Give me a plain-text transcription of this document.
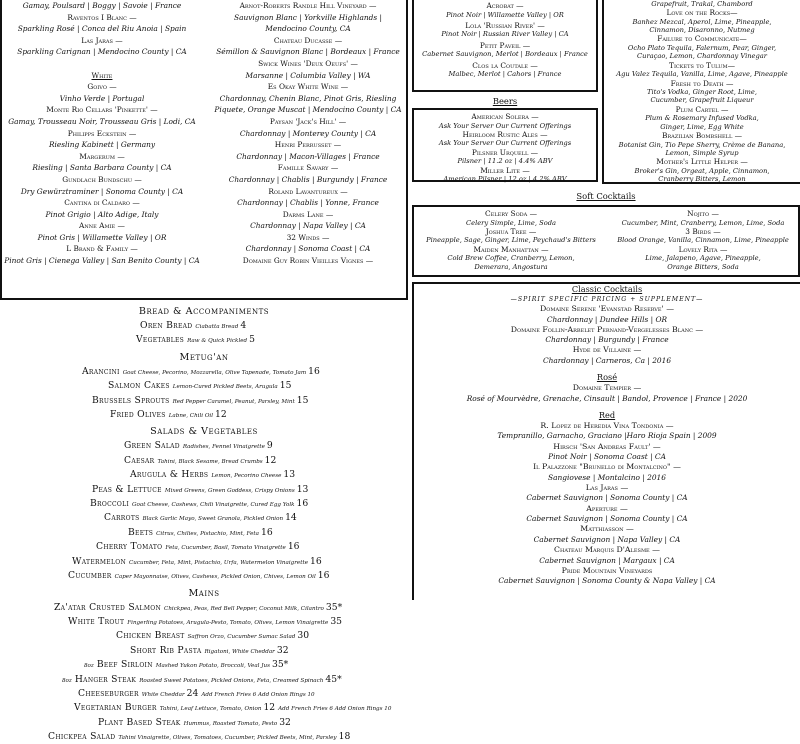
Gamay, Poulsard | Boggy | Savoie | France
Raventos I Blanc —
Sparkling Rosé | Conca del Riu Anoia | Spain
Las Jaras —
Sparkling Carignan | Mendocino County | CA
White
Goivo —
Vinho Verde | Portugal
Monte Rio Cellars 'Pinkette' —
Gamay, Trousseau Noir, Trousseau Gris | Lodi, CA
Philipps Eckstein —
Riesling Kabinett | Germany
Margerum —
Riesling | Santa Barbara County | CA
Gundlach Bundschu —
Dry Gewürztraminer | Sonoma County | CA
Cantina di Caldaro —
Pinot Grigio | Alto Adige, Italy
Anne Amie —
Pinot Gris | Willamette Valley | OR
L Brand & Family —
Pinot Gris | Cienega Valley | San Benito County | CA
Arnot-Roberts Randle Hill Vineyard —
Sauvignon Blanc | Yorkville Highlands |
Mendocino County, CA
Chateau Ducasse —
Sémillon & Sauvignon Blanc | Bordeaux | France
Swick Wines 'Deux Oeufs' —
Marsanne | Columbia Valley | WA
Es Okay White Wine —
Chardonnay, Chenin Blanc, Pinot Gris, Riesling
Piquete, Orange Muscat | Mendocino County | CA
Paysan 'Jack's Hill' —
Chardonnay | Monterey County | CA
Henri Perrusset —
Chardonnay | Macon-Villages | France
Famille Savary —
Chardonnay | Chablis | Burgundy | France
Roland Lavantureux —
Chardonnay | Chablis | Yonne, France
Darms Lane —
Chardonnay | Napa Valley | CA
32 Winds —
Chardonnay | Sonoma Coast | CA
Domaine Guy Robin Vieilles Vignes —
Acrobat —
Pinot Noir | Willamette Valley | OR
Lola 'Russian River' —
Pinot Noir | Russian River Valley | CA
Petit Paveil —
Cabernet Sauvignon, Merlot | Bordeaux | France
Clos la Coutale —
Malbec, Merlot | Cahors | France
Beers
American Solera —
Ask Your Server Our Current Offerings
Heirloom Rustic Ales —
Ask Your Server Our Current Offerings
Pilsner Urquell —
Pilsner | 11.2 oz | 4.4% ABV
Miller Lite —
American Pilsner | 12 oz | 4.2% ABV
Grapefruit, Trakal, Chambord
Love on the Rocks—
Banhez Mezcal, Aperol, Lime, Pineapple,
Cinnamon, Disaronno, Nutmeg
Failure to Communicate—
Ocho Plato Tequila, Falernum, Pear, Ginger,
Curaçao, Lemon, Chardonnay Vinegar
Tickets to Tulum—
Agu Valez Tequila, Vanilla, Lime, Agave, Pineapple
Fresh to Death —
Tito's Vodka, Ginger Root, Lime,
Cucumber, Grapefruit Liqueur
Plum Cartel —
Plum & Rosemary Infused Vodka,
Ginger, Lime, Egg White
Brazilian Bombshell —
Botanist Gin, Tio Pepe Sherry, Crème de Banana,
Lemon, Simple Syrup
Mother's Little Helper —
Broker's Gin, Orgeat, Apple, Cinnamon,
Cranberry Bitters, Lemon
Soft Cocktails
Celery Soda —
Celery Simple, Lime, Soda
Joshua Tree —
Pineapple, Sage, Ginger, Lime, Peychaud's Bitters
Maiden Manhattan —
Cold Brew Coffee, Cranberry, Lemon,
Demerara, Angostura
Nojito —
Cucumber, Mint, Cranberry, Lemon, Lime, Soda
3 Birds —
Blood Orange, Vanilla, Cinnamon, Lime, Pineapple
Lovely Rita —
Lime, Jalapeno, Agave, Pineapple,
Orange Bitters, Soda
Bread & Accompaniments
Oren Bread Ciabatta Bread 4
Vegetables Raw & Quick Pickled 5
Metug'an
Arancini Goat Cheese, Pecorino, Mozzarella, Olive Tapenade, Tomato Jam 16
Salmon Cakes Lemon-Cured Pickled Beets, Arugula 15
Brussels Sprouts Red Pepper Caramel, Peanut, Parsley, Mint 15
Fried Olives Labne, Chili Oil 12
Salads & Vegetables
Green Salad Radishes, Fennel Vinaigrette 9
Caesar Tahini, Black Sesame, Bread Crumbs 12
Arugula & Herbs Lemon, Pecorino Cheese 13
Peas & Lettuce Mixed Greens, Green Goddess, Crispy Onions 13
Broccoli Goat Cheese, Cashews, Chili Vinaigrette, Cured Egg Yolk 16
Carrots Black Garlic Mayo, Sweet Granola, Pickled Onion 14
Beets Citrus, Chilies, Pistachio, Mint, Feta 16
Cherry Tomato Feta, Cucumber, Basil, Tomato Vinaigrette 16
Watermelon Cucumber, Feta, Mint, Pistachio, Urfa, Watermelon Vinaigrette 16
Cucumber Caper Mayonnaise, Olives, Cashews, Pickled Onion, Chives, Lemon Oil 16
Mains
Za'atar Crusted Salmon Chickpea, Peas, Red Bell Pepper, Coconut Milk, Cilantro 35*
White Trout Fingerling Potatoes, Arugula-Pesto, Tomato, Olives, Lemon Vinaigrette 35
Chicken Breast Saffron Orzo, Cucumber Sumac Salad 30
Short Rib Pasta Rigatoni, White Cheddar 32
8oz Beef Sirloin Mashed Yukon Potato, Broccoli, Veal Jus 35*
8oz Hanger Steak Roasted Sweet Potatoes, Pickled Onions, Feta, Creamed Spinach 45*
Cheeseburger White Cheddar 24 Add French Fries 6 Add Onion Rings 10
Vegetarian Burger Tahini, Leaf Lettuce, Tomato, Onion 12 Add French Fries 6 Add Onion Rings 10
Plant Based Steak Hummus, Roasted Tomato, Pesto 32
Chickpea Salad Tahini Vinaigrette, Olives, Tomatoes, Cucumber, Pickled Beets, Mint, Parsley 18
Classic Cocktails
—SPIRIT SPECIFIC PRICING + SUPPLEMENT—
Domaine Serene 'Evanstad Reserve' —
Chardonnay | Dundee Hills | OR
Domaine Follin-Arbelet Pernand-Vergelesses Blanc —
Chardonnay | Burgundy | France
Hyde de Villaine —
Chardonnay | Carneros, Ca | 2016
Rosé
Domaine Tempier —
Rosé of Mourvèdre, Grenache, Cinsault | Bandol, Provence | France | 2020
Red
R. Lopez de Heredia Vina Tondonia —
Tempranillo, Garnacho, Graciano |Haro Rioja Spain | 2009
Hirsch 'San Andreas Fault' —
Pinot Noir | Sonoma Coast | CA
Il Palazzone "Brunello di Montalcino" —
Sangiovese | Montalcino | 2016
Las Jaras —
Cabernet Sauvignon | Sonoma County | CA
Aperture —
Cabernet Sauvignon | Sonoma County | CA
Matthiasson —
Cabernet Sauvignon | Napa Valley | CA
Chateau Marquis D'Alesme —
Cabernet Sauvignon | Margaux | CA
Pride Mountain Vineyards
Cabernet Sauvignon | Sonoma County & Napa Valley | CA
